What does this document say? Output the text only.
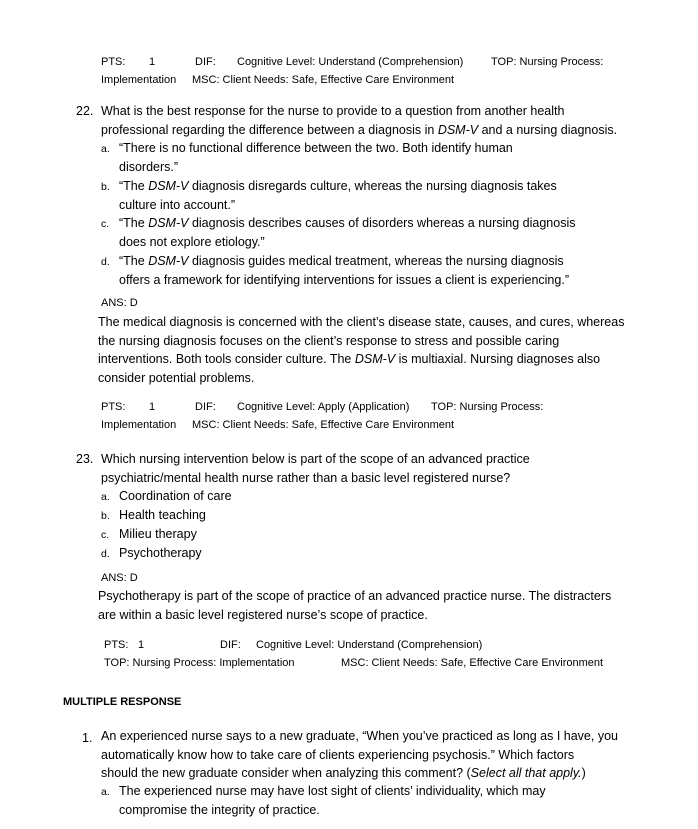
PTS: 1	DIF: Cognitive Level: Understand (Comprehension)	TOP: Nursing Process:
Implementation MSC: Client Needs: Safe, Effective Care Environment
22. What is the best response for the nurse to provide to a question from another health
professional regarding the difference between a diagnosis in DSM-V and a nursing diagnosis.
a. “There is no functional difference between the two. Both identify human
disorders.”
b. “The DSM-V diagnosis disregards culture, whereas the nursing diagnosis takes
culture into account.”
c. “The DSM-V diagnosis describes causes of disorders whereas a nursing diagnosis
does not explore etiology.”
d. “The DSM-V diagnosis guides medical treatment, whereas the nursing diagnosis
offers a framework for identifying interventions for issues a client is experiencing.”
ANS: D
The medical diagnosis is concerned with the client’s disease state, causes, and cures, whereas
the nursing diagnosis focuses on the client’s response to stress and possible caring
interventions. Both tools consider culture. The DSM-V is multiaxial. Nursing diagnoses also
consider potential problems.
PTS: 1	DIF: Cognitive Level: Apply (Application) TOP: Nursing Process:
Implementation MSC: Client Needs: Safe, Effective Care Environment
23. Which nursing intervention below is part of the scope of an advanced practice
psychiatric/mental health nurse rather than a basic level registered nurse?
a. Coordination of care
b. Health teaching
c. Milieu therapy
d. Psychotherapy
ANS: D
Psychotherapy is part of the scope of practice of an advanced practice nurse. The distracters
are within a basic level registered nurse’s scope of practice.
PTS: 1	DIF: Cognitive Level: Understand (Comprehension)
TOP: Nursing Process: Implementation	MSC: Client Needs: Safe, Effective Care Environment
MULTIPLE RESPONSE
1. An experienced nurse says to a new graduate, “When you’ve practiced as long as I have, you
automatically know how to take care of clients experiencing psychosis.” Which factors
should the new graduate consider when analyzing this comment? (Select all that apply.)
a. The experienced nurse may have lost sight of clients’ individuality, which may
compromise the integrity of practice.
